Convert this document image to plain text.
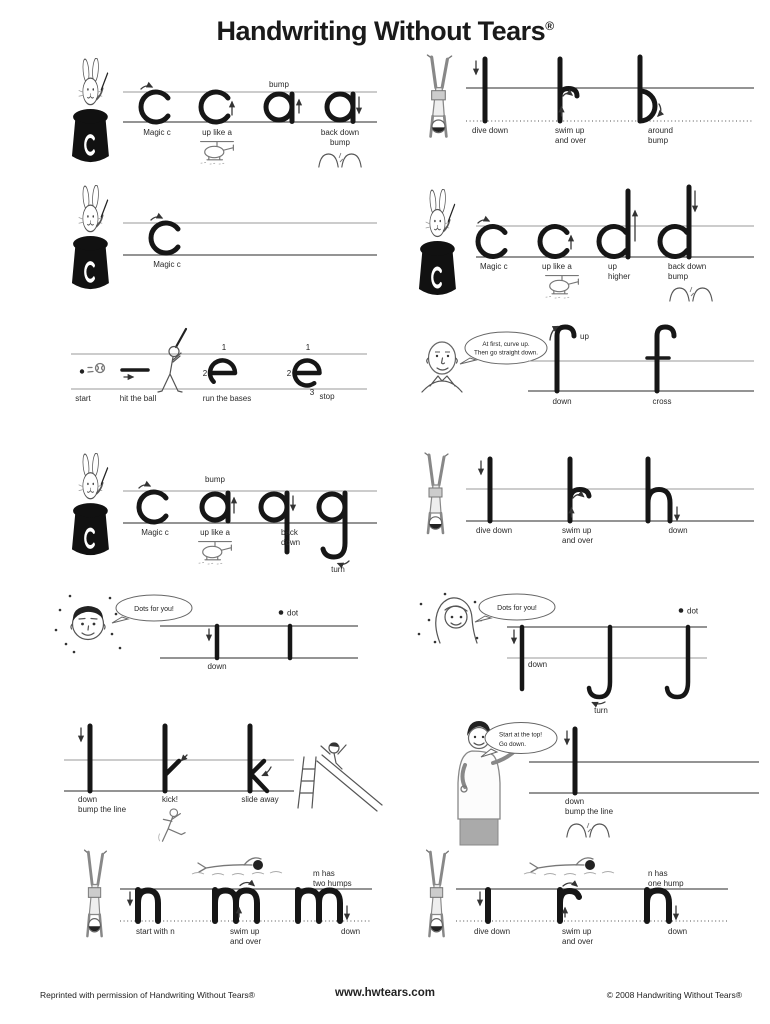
Handwriting Without Tears®
bump
Magic c	up like a	back down
bump
dive down	swim up
and over
around
bump
Magic c	Magic c	up like a	up
higher
back down
bump
1
2
1
2
3
start	hit the ball	run the bases	stop
At first, curve up.
Then go straight down.
up
down	cross
bump
Magic c	up like a	back
down
turn
dive down	swim up
and over
down
Dots for you!	dot
down
Dots for you!	dot
down
turn
down
bump the line
kick!	slide away
Start at the top!
Go down.
down
bump the line
m has
two humps
start with n	swim up
and over
down
n has
one hump
dive down	swim up
and over
down
Reprinted with permission of Handwriting Without Tears®	www.hwtears.com	© 2008 Handwriting Without Tears®
